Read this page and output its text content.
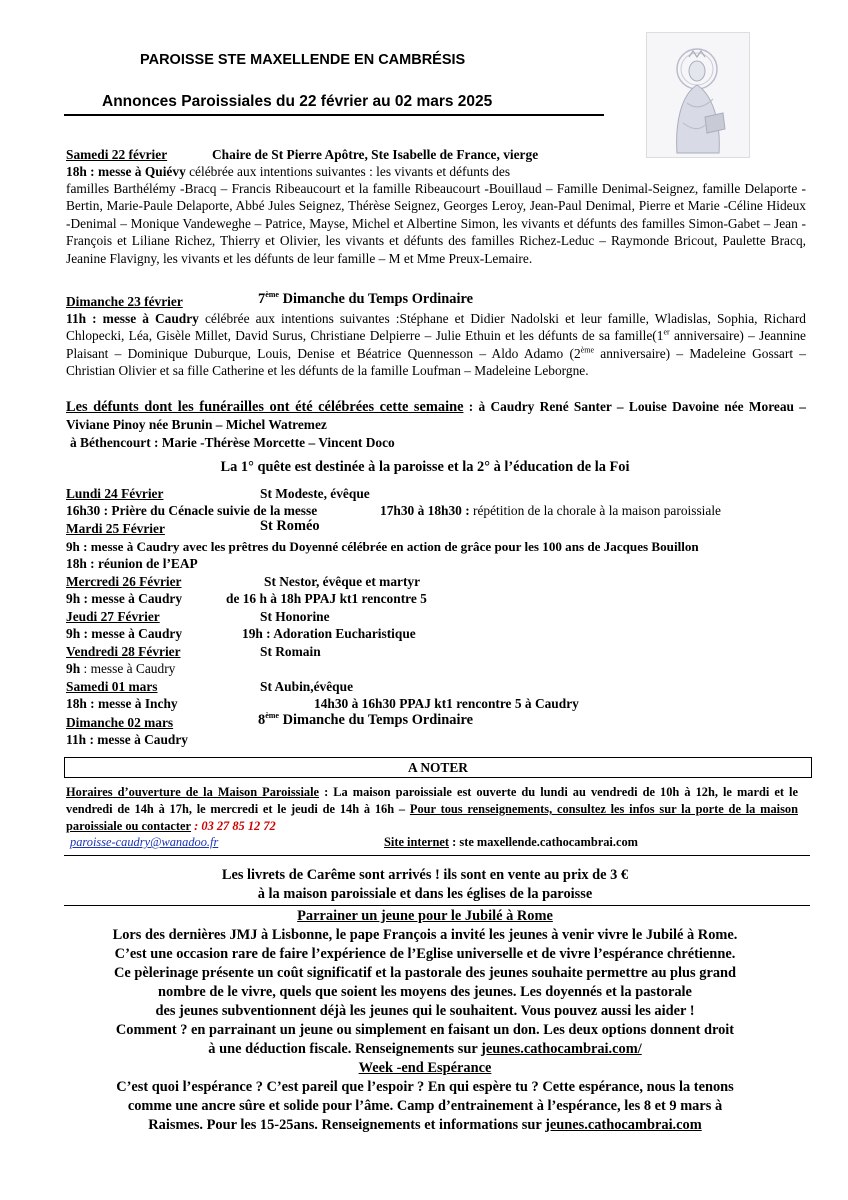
PAROISSE STE MAXELLENDE EN CAMBRÉSIS
Annonces Paroissiales du 22 février au 02 mars 2025
Samedi 22 février	Chaire de St Pierre Apôtre, Ste Isabelle de France, vierge
18h : messe à Quiévy célébrée aux intentions suivantes : les vivants et défunts des
familles Barthélémy -Bracq – Francis Ribeaucourt et la famille Ribeaucourt -Bouillaud – Famille Denimal-Seignez, famille Delaporte -Bertin, Marie-Paule Delaporte, Abbé Jules Seignez, Thérèse Seignez, Georges Leroy, Jean-Paul Denimal, Pierre et Marie -Céline Hideux -Denimal – Monique Vandeweghe – Patrice, Mayse, Michel et Albertine Simon, les vivants et défunts des familles Simon-Gabet – Jean -François et Liliane Richez, Thierry et Olivier, les vivants et défunts des familles Richez-Leduc – Raymonde Bricout, Paulette Bracq, Jeanine Flavigny, les vivants et les défunts de leur famille – M et Mme Preux-Lemaire.
Dimanche 23 février	7ème Dimanche du Temps Ordinaire
11h : messe à Caudry célébrée aux intentions suivantes :Stéphane et Didier Nadolski et leur famille, Wladislas, Sophia, Richard Chlopecki, Léa, Gisèle Millet, David Surus, Christiane Delpierre – Julie Ethuin et les défunts de sa famille(1er anniversaire) – Jeannine Plaisant – Dominique Duburque, Louis, Denise et Béatrice Quennesson – Aldo Adamo (2ème anniversaire) – Madeleine Gossart – Christian Olivier et sa fille Catherine et les défunts de la famille Loufman – Madeleine Leborgne.
Les défunts dont les funérailles ont été célébrées cette semaine : à Caudry René Santer – Louise Davoine née Moreau – Viviane Pinoy née Brunin – Michel Watremez
à Béthencourt : Marie -Thérèse Morcette – Vincent Doco
La 1° quête est destinée à la paroisse et la 2° à l’éducation de la Foi
Lundi 24 Février	St Modeste, évêque
16h30 : Prière du Cénacle suivie de la messe	17h30 à 18h30 : répétition de la chorale à la maison paroissiale
Mardi 25 Février	St Roméo
9h : messe à Caudry avec les prêtres du Doyenné célébrée en action de grâce pour les 100 ans de Jacques Bouillon
18h : réunion de l’EAP
Mercredi 26 Février	St Nestor, évêque et martyr
9h : messe à Caudry	de 16 h à 18h PPAJ kt1 rencontre 5
Jeudi 27 Février	St Honorine
9h : messe à Caudry	19h : Adoration Eucharistique
Vendredi 28 Février	St Romain
9h : messe à Caudry
Samedi 01 mars	St Aubin,évêque
18h : messe à Inchy	14h30 à 16h30 PPAJ kt1 rencontre 5 à Caudry
Dimanche 02 mars	8ème Dimanche du Temps Ordinaire
11h : messe à Caudry
A NOTER
Horaires d’ouverture de la Maison Paroissiale : La maison paroissiale est ouverte du lundi au vendredi de 10h à 12h, le mardi et le vendredi de 14h à 17h, le mercredi et le jeudi de 14h à 16h – Pour tous renseignements, consultez les infos sur la porte de la maison paroissiale ou contacter : 03 27 85 12 72
paroisse-caudry@wanadoo.fr	Site internet : ste maxellende.cathocambrai.com
Les livrets de Carême sont arrivés ! ils sont en vente au prix de 3 €
à la maison paroissiale et dans les églises de la paroisse
Parrainer un jeune pour le Jubilé à Rome
Lors des dernières JMJ à Lisbonne, le pape François a invité les jeunes à venir vivre le Jubilé à Rome.
C’est une occasion rare de faire l’expérience de l’Eglise universelle et de vivre l’espérance chrétienne.
Ce pèlerinage présente un coût significatif et la pastorale des jeunes souhaite permettre au plus grand
nombre de le vivre, quels que soient les moyens des jeunes. Les doyennés et la pastorale
des jeunes subventionnent déjà les jeunes qui le souhaitent. Vous pouvez aussi les aider !
Comment ? en parrainant un jeune ou simplement en faisant un don. Les deux options donnent droit
à une déduction fiscale. Renseignements sur jeunes.cathocambrai.com/
Week -end Espérance
C’est quoi l’espérance ? C’est pareil que l’espoir ? En qui espère tu ? Cette espérance, nous la tenons
comme une ancre sûre et solide pour l’âme. Camp d’entrainement à l’espérance, les 8 et 9 mars à
Raismes. Pour les 15-25ans. Renseignements et informations sur jeunes.cathocambrai.com
